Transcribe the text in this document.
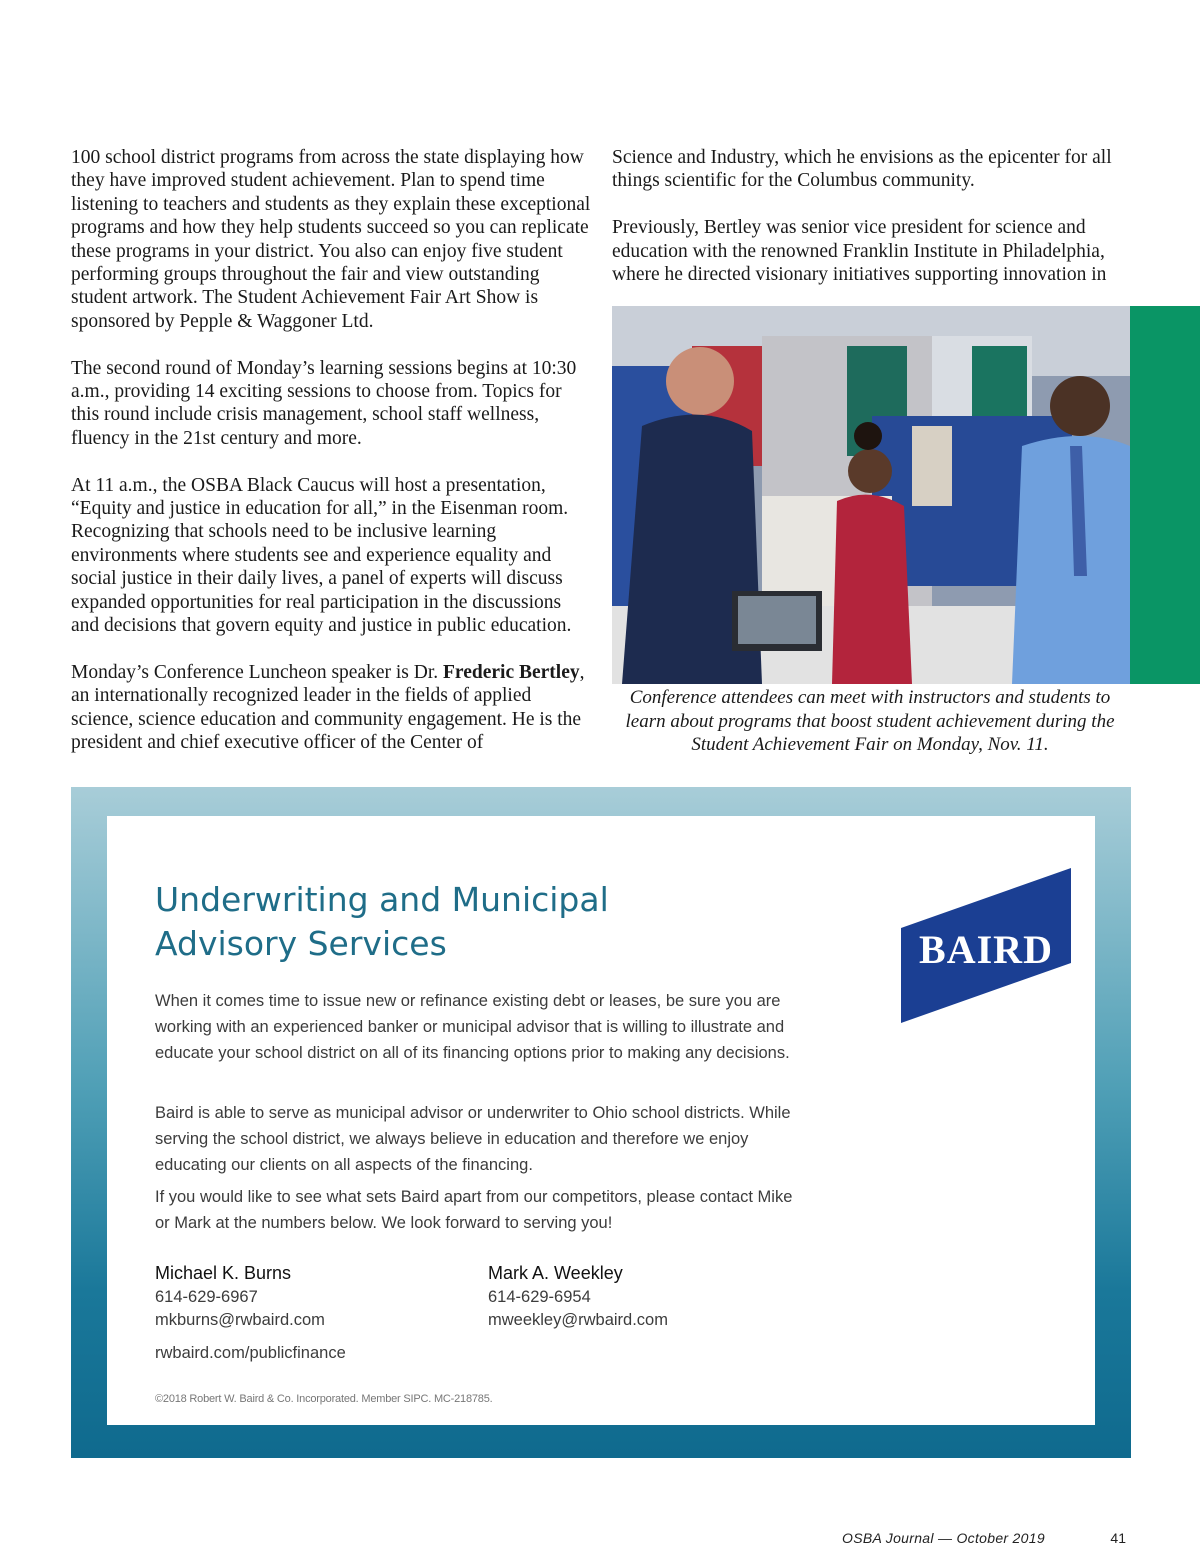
100 school district programs from across the state displaying how they have improved student achievement. Plan to spend time listening to teachers and students as they explain these exceptional programs and how they help students succeed so you can replicate these programs in your district. You also can enjoy five student performing groups throughout the fair and view outstanding student artwork. The Student Achievement Fair Art Show is sponsored by Pepple & Waggoner Ltd.

The second round of Monday’s learning sessions begins at 10:30 a.m., providing 14 exciting sessions to choose from. Topics for this round include crisis management, school staff wellness, fluency in the 21st century and more.

At 11 a.m., the OSBA Black Caucus will host a presentation, “Equity and justice in education for all,” in the Eisenman room. Recognizing that schools need to be inclusive learning environments where students see and experience equality and social justice in their daily lives, a panel of experts will discuss expanded opportunities for real participation in the discussions and decisions that govern equity and justice in public education.

Monday’s Conference Luncheon speaker is Dr. Frederic Bertley, an internationally recognized leader in the fields of applied science, science education and community engagement. He is the president and chief executive officer of the Center of

Science and Industry, which he envisions as the epicenter for all things scientific for the Columbus community.

Previously, Bertley was senior vice president for science and education with the renowned Franklin Institute in Philadelphia, where he directed visionary initiatives supporting innovation in

Conference attendees can meet with instructors and students to learn about programs that boost student achievement during the Student Achievement Fair on Monday, Nov. 11.
Underwriting and Municipal
Advisory Services

When it comes time to issue new or refinance existing debt or leases, be sure you are working with an experienced banker or municipal advisor that is willing to illustrate and educate your school district on all of its financing options prior to making any decisions.

Baird is able to serve as municipal advisor or underwriter to Ohio school districts. While serving the school district, we always believe in education and therefore we enjoy educating our clients on all aspects of the financing.

If you would like to see what sets Baird apart from our competitors, please contact Mike or Mark at the numbers below. We look forward to serving you!

Michael K. Burns
614-629-6967
mkburns@rwbaird.com
Mark A. Weekley
614-629-6954
mweekley@rwbaird.com
rwbaird.com/publicfinance
©2018 Robert W. Baird & Co. Incorporated. Member SIPC. MC-218785.
BAIRD
OSBA Journal — October 2019	41
